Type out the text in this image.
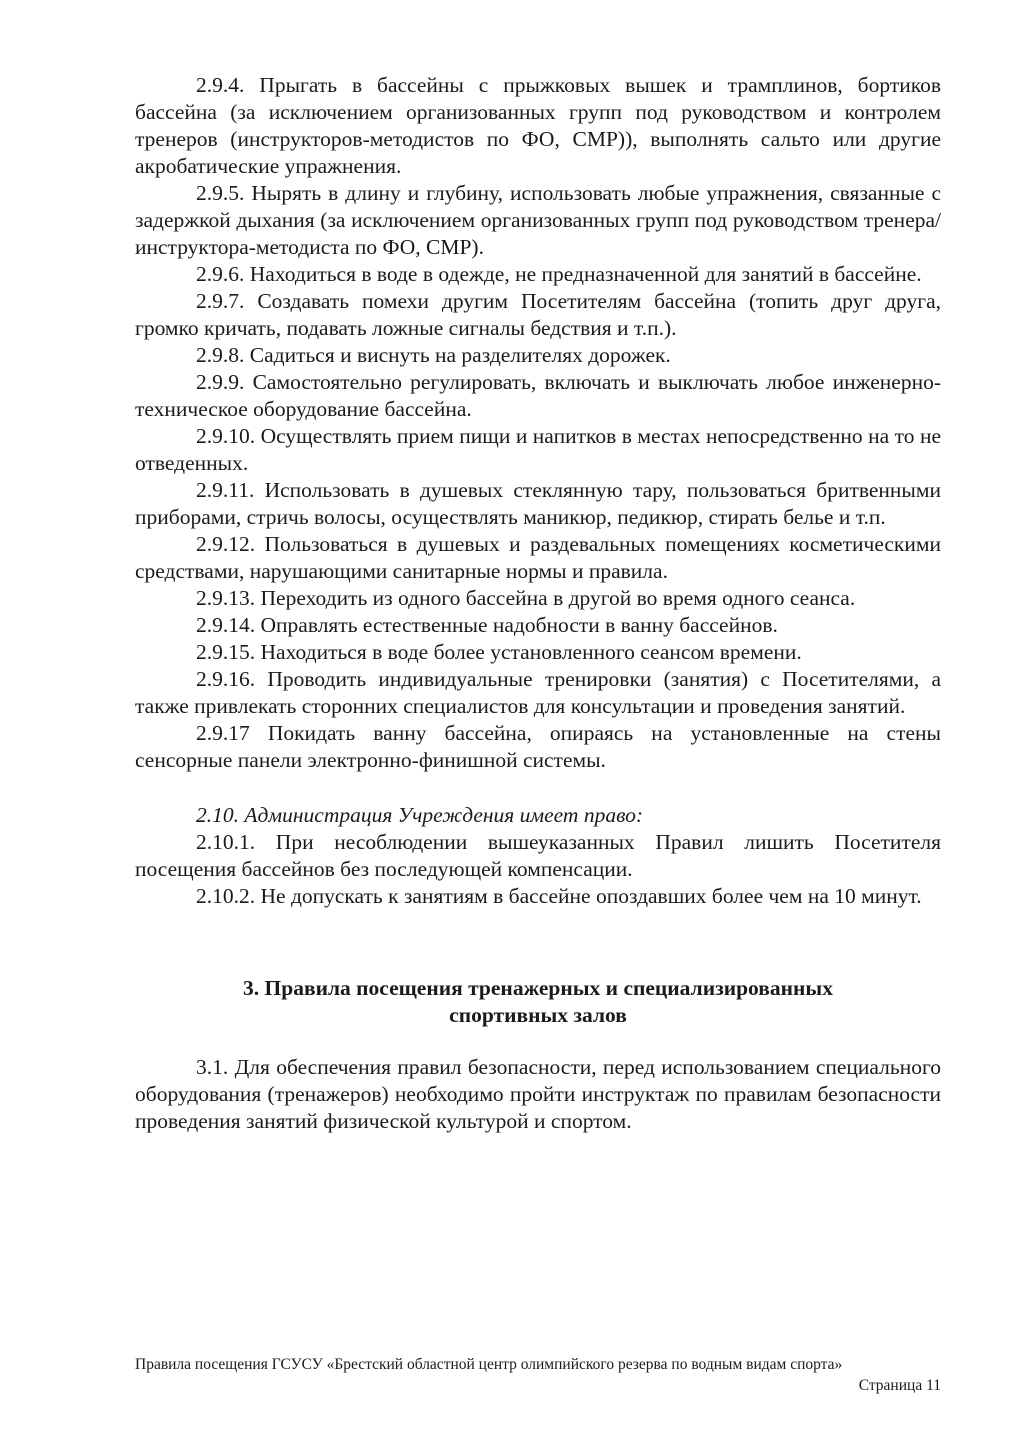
2.9.4. Прыгать в бассейны с прыжковых вышек и трамплинов, бортиков бассейна (за исключением организованных групп под руководством и контролем тренеров (инструкторов-методистов по ФО, СМР)), выполнять сальто или другие акробатические упражнения.

2.9.5. Нырять в длину и глубину, использовать любые упражнения, связанные с задержкой дыхания (за исключением организованных групп под руководством тренера/инструктора-методиста по ФО, СМР).

2.9.6. Находиться в воде в одежде, не предназначенной для занятий в бассейне.

2.9.7. Создавать помехи другим Посетителям бассейна (топить друг друга, громко кричать, подавать ложные сигналы бедствия и т.п.).

2.9.8. Садиться и виснуть на разделителях дорожек.

2.9.9. Самостоятельно регулировать, включать и выключать любое инженерно-техническое оборудование бассейна.

2.9.10. Осуществлять прием пищи и напитков в местах непосредственно на то не отведенных.

2.9.11. Использовать в душевых стеклянную тару, пользоваться бритвенными приборами, стричь волосы, осуществлять маникюр, педикюр, стирать белье и т.п.

2.9.12. Пользоваться в душевых и раздевальных помещениях косметическими средствами, нарушающими санитарные нормы и правила.

2.9.13. Переходить из одного бассейна в другой во время одного сеанса.

2.9.14. Оправлять естественные надобности в ванну бассейнов.

2.9.15. Находиться в воде более установленного сеансом времени.

2.9.16. Проводить индивидуальные тренировки (занятия) с Посетителями, а также привлекать сторонних специалистов для консультации и проведения занятий.

2.9.17 Покидать ванну бассейна, опираясь на установленные на стены сенсорные панели электронно-финишной системы.

2.10. Администрация Учреждения имеет право:

2.10.1. При несоблюдении вышеуказанных Правил лишить Посетителя посещения бассейнов без последующей компенсации.

2.10.2. Не допускать к занятиям в бассейне опоздавших более чем на 10 минут.

3. Правила посещения тренажерных и специализированных
спортивных залов

3.1. Для обеспечения правил безопасности, перед использованием специального оборудования (тренажеров) необходимо пройти инструктаж по правилам безопасности проведения занятий физической культурой и спортом.

Правила посещения ГСУСУ «Брестский областной центр олимпийского резерва по водным видам спорта»
Страница 11
